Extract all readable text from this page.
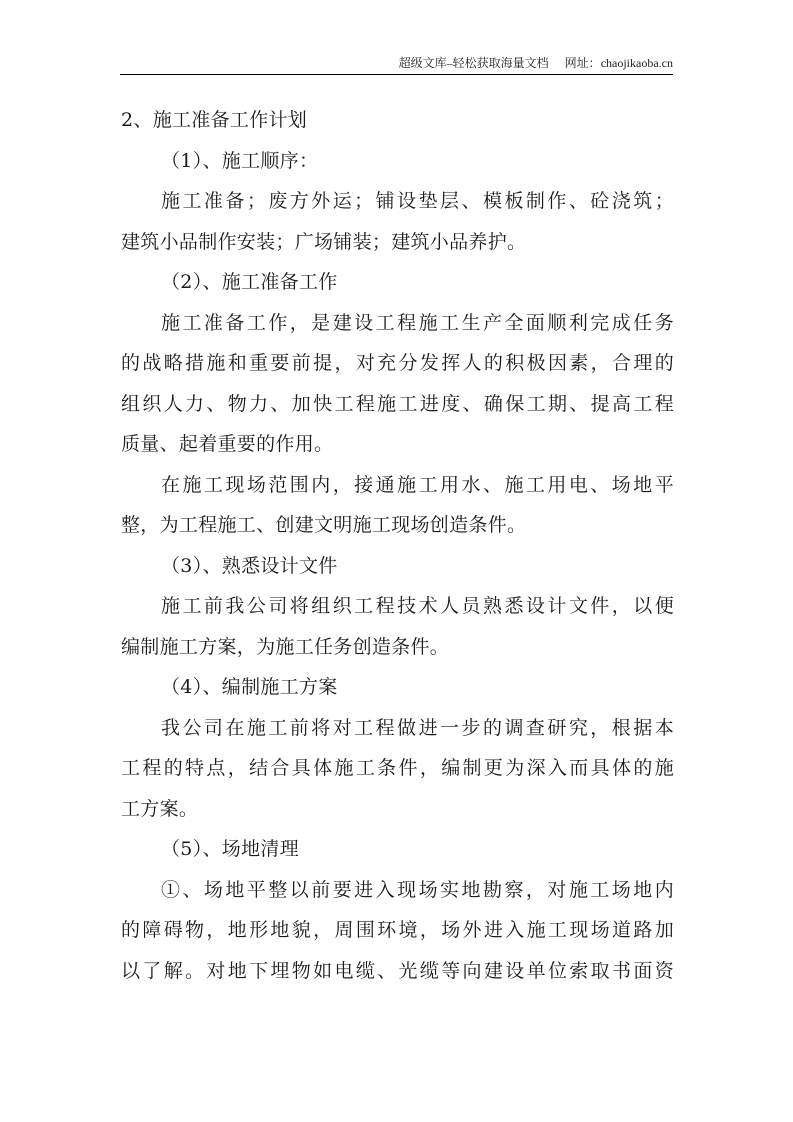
超级文库–轻松获取海量文档 网址：chaojikaoba.cn
2、施工准备工作计划
（1）、施工顺序：
施工准备；废方外运；铺设垫层、模板制作、砼浇筑；
建筑小品制作安装；广场铺装；建筑小品养护。
（2）、施工准备工作
施工准备工作，是建设工程施工生产全面顺利完成任务
的战略措施和重要前提，对充分发挥人的积极因素，合理的
组织人力、物力、加快工程施工进度、确保工期、提高工程
质量、起着重要的作用。
在施工现场范围内，接通施工用水、施工用电、场地平
整，为工程施工、创建文明施工现场创造条件。
（3）、熟悉设计文件
施工前我公司将组织工程技术人员熟悉设计文件，以便
编制施工方案，为施工任务创造条件。
（4）、编制施工方案
我公司在施工前将对工程做进一步的调查研究，根据本
工程的特点，结合具体施工条件，编制更为深入而具体的施
工方案。
（5）、场地清理
①、场地平整以前要进入现场实地勘察，对施工场地内
的障碍物，地形地貌，周围环境，场外进入施工现场道路加
以了解。对地下埋物如电缆、光缆等向建设单位索取书面资
